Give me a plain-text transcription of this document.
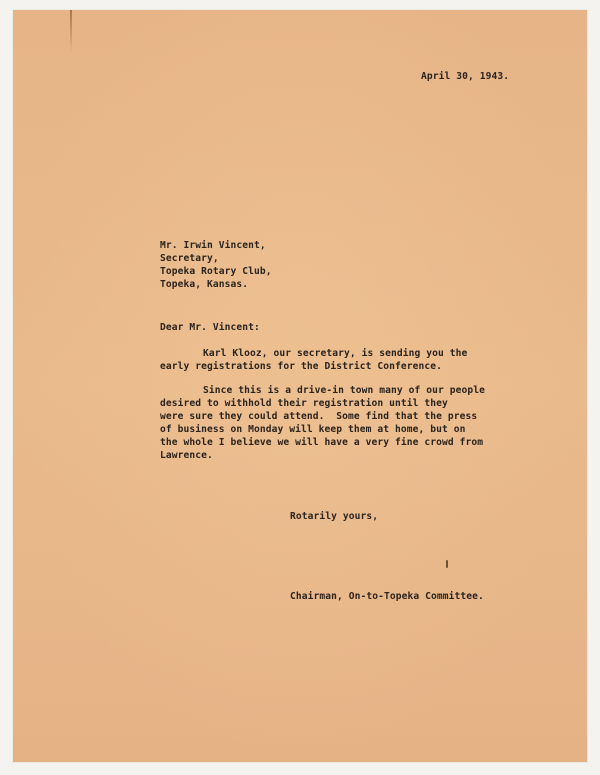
April 30, 1943.
Mr. Irwin Vincent,
Secretary,
Topeka Rotary Club,
Topeka, Kansas.
Dear Mr. Vincent:
Karl Klooz, our secretary, is sending you the
early registrations for the District Conference.
Since this is a drive-in town many of our people
desired to withhold their registration until they
were sure they could attend.  Some find that the press
of business on Monday will keep them at home, but on
the whole I believe we will have a very fine crowd from
Lawrence.
Rotarily yours,
Chairman, On-to-Topeka Committee.
